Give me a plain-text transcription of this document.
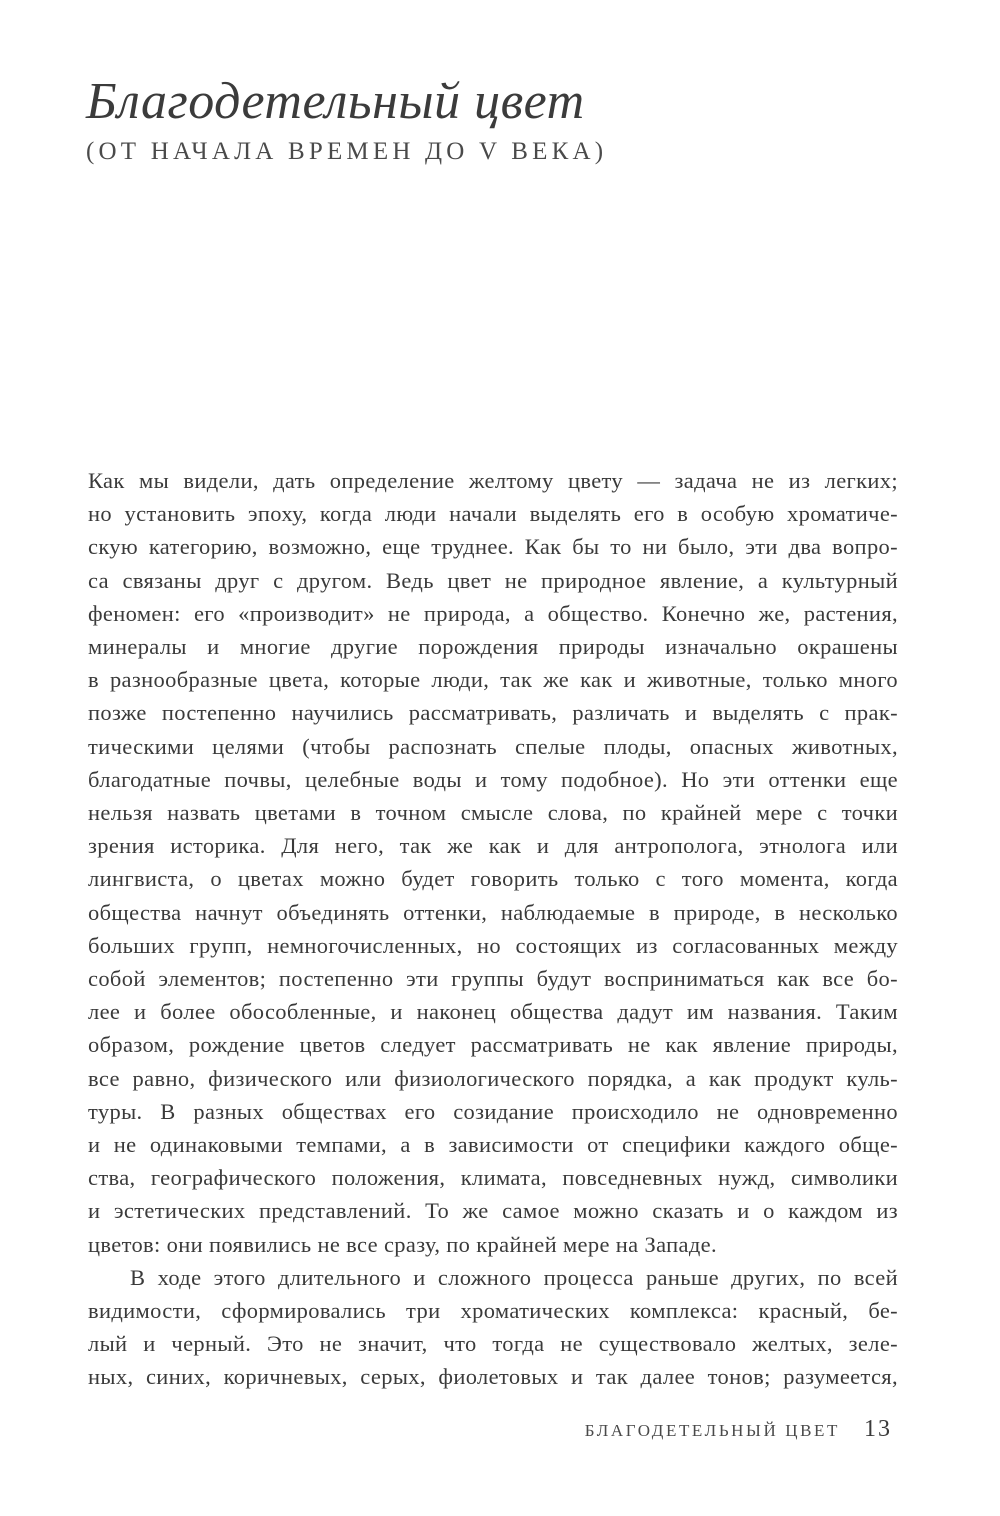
Благодетельный цвет
(ОТ НАЧАЛА ВРЕМЕН ДО V ВЕКА)
Как мы видели, дать определение желтому цвету — задача не из легких;
но установить эпоху, когда люди начали выделять его в особую хроматиче-
скую категорию, возможно, еще труднее. Как бы то ни было, эти два вопро-
са связаны друг с другом. Ведь цвет не природное явление, а культурный
феномен: его «производит» не природа, а общество. Конечно же, растения,
минералы и многие другие порождения природы изначально окрашены
в разнообразные цвета, которые люди, так же как и животные, только много
позже постепенно научились рассматривать, различать и выделять с прак-
тическими целями (чтобы распознать спелые плоды, опасных животных,
благодатные почвы, целебные воды и тому подобное). Но эти оттенки еще
нельзя назвать цветами в точном смысле слова, по крайней мере с точки
зрения историка. Для него, так же как и для антрополога, этнолога или
лингвиста, о цветах можно будет говорить только с того момента, когда
общества начнут объединять оттенки, наблюдаемые в природе, в несколько
больших групп, немногочисленных, но состоящих из согласованных между
собой элементов; постепенно эти группы будут восприниматься как все бо-
лее и более обособленные, и наконец общества дадут им названия. Таким
образом, рождение цветов следует рассматривать не как явление природы,
все равно, физического или физиологического порядка, а как продукт куль-
туры. В разных обществах его созидание происходило не одновременно
и не одинаковыми темпами, а в зависимости от специфики каждого обще-
ства, географического положения, климата, повседневных нужд, символики
и эстетических представлений. То же самое можно сказать и о каждом из
цветов: они появились не все сразу, по крайней мере на Западе.
В ходе этого длительного и сложного процесса раньше других, по всей
видимости, сформировались три хроматических комплекса: красный, бе-
лый и черный. Это не значит, что тогда не существовало желтых, зеле-
ных, синих, коричневых, серых, фиолетовых и так далее тонов; разумеется,
БЛАГОДЕТЕЛЬНЫЙ ЦВЕТ 13
